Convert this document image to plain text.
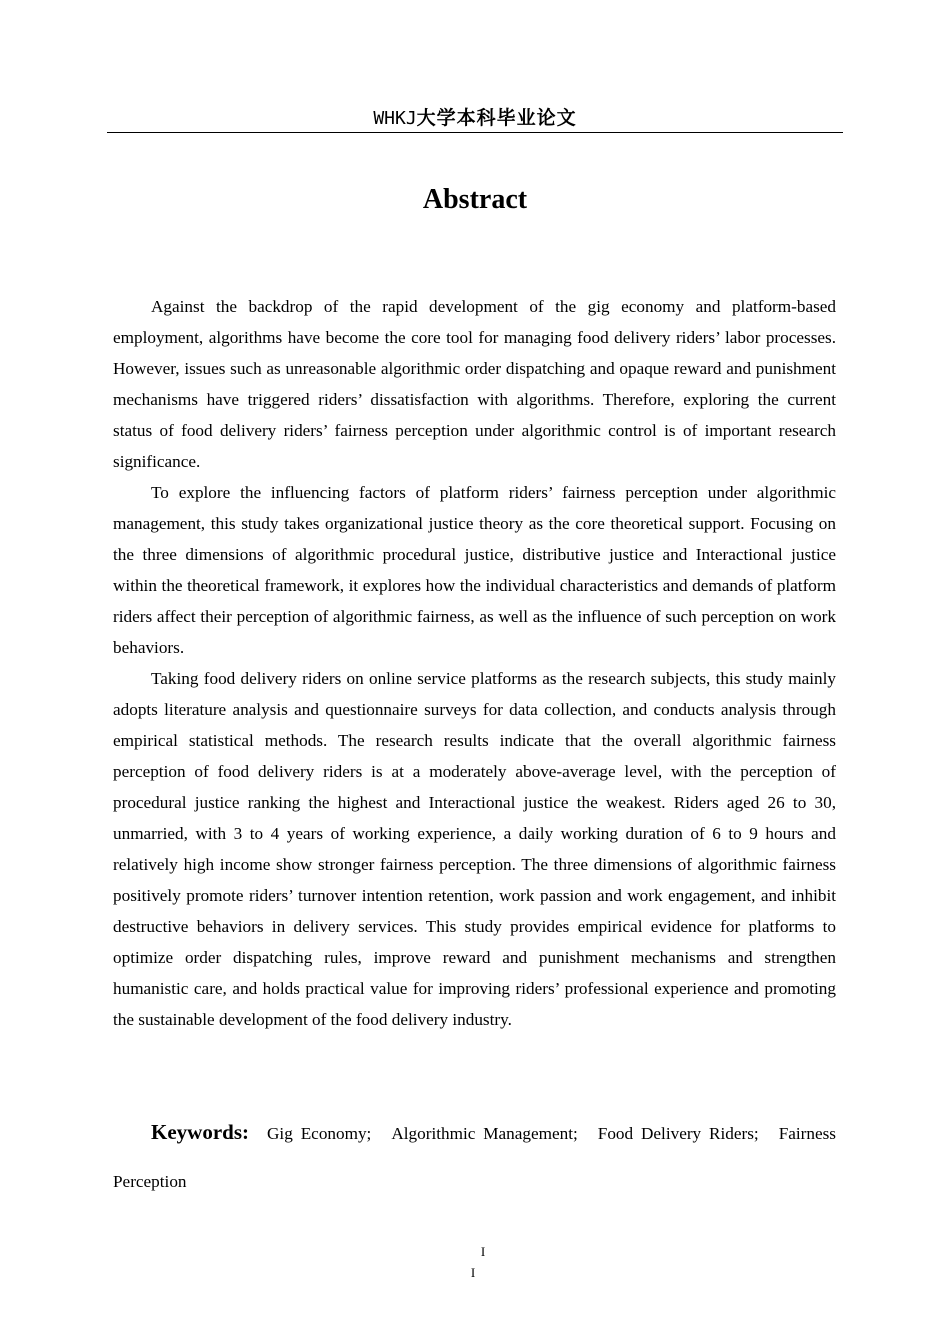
WHKJ大学本科毕业论文
Abstract

Against the backdrop of the rapid development of the gig economy and platform-based employment, algorithms have become the core tool for managing food delivery riders’ labor processes. However, issues such as unreasonable algorithmic order dispatching and opaque reward and punishment mechanisms have triggered riders’ dissatisfaction with algorithms. Therefore, exploring the current status of food delivery riders’ fairness perception under algorithmic control is of important research significance.

To explore the influencing factors of platform riders’ fairness perception under algorithmic management, this study takes organizational justice theory as the core theoretical support. Focusing on the three dimensions of algorithmic procedural justice, distributive justice and Interactional justice within the theoretical framework, it explores how the individual characteristics and demands of platform riders affect their perception of algorithmic fairness, as well as the influence of such perception on work behaviors.

Taking food delivery riders on online service platforms as the research subjects, this study mainly adopts literature analysis and questionnaire surveys for data collection, and conducts analysis through empirical statistical methods. The research results indicate that the overall algorithmic fairness perception of food delivery riders is at a moderately above-average level, with the perception of procedural justice ranking the highest and Interactional justice the weakest. Riders aged 26 to 30, unmarried, with 3 to 4 years of working experience, a daily working duration of 6 to 9 hours and relatively high income show stronger fairness perception. The three dimensions of algorithmic fairness positively promote riders’ turnover intention retention, work passion and work engagement, and inhibit destructive behaviors in delivery services. This study provides empirical evidence for platforms to optimize order dispatching rules, improve reward and punishment mechanisms and strengthen humanistic care, and holds practical value for improving riders’ professional experience and promoting the sustainable development of the food delivery industry.

Keywords: Gig Economy; Algorithmic Management; Food Delivery Riders; Fairness Perception
I
I
